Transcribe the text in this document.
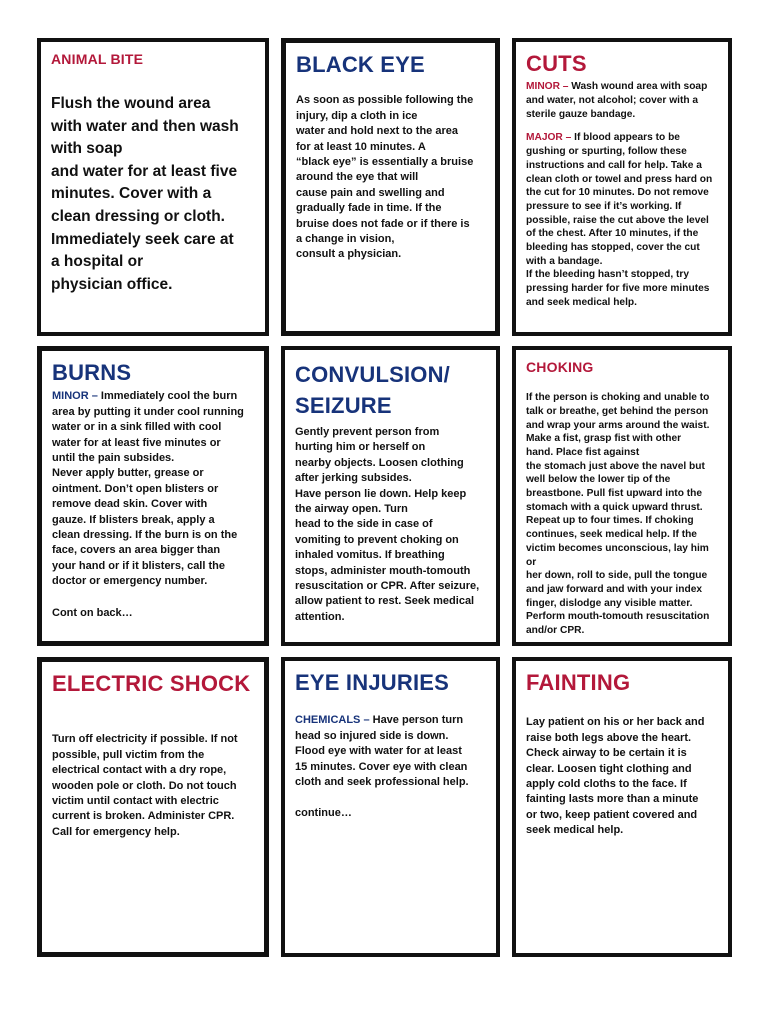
ANIMAL BITE

Flush the wound area
with water and then wash
with soap
and water for at least five
minutes. Cover with a
clean dressing or cloth.
Immediately seek care at
a hospital or
physician office.

BLACK EYE

As soon as possible following the
injury, dip a cloth in ice
water and hold next to the area
for at least 10 minutes. A
“black eye” is essentially a bruise
around the eye that will
cause pain and swelling and
gradually fade in time. If the
bruise does not fade or if there is
a change in vision,
consult a physician.

CUTS

MINOR – Wash wound area with soap
and water, not alcohol; cover with a
sterile gauze bandage.

MAJOR – If blood appears to be
gushing or spurting, follow these
instructions and call for help. Take a
clean cloth or towel and press hard on
the cut for 10 minutes. Do not remove
pressure to see if it’s working. If
possible, raise the cut above the level
of the chest. After 10 minutes, if the
bleeding has stopped, cover the cut
with a bandage.
If the bleeding hasn’t stopped, try
pressing harder for five more minutes
and seek medical help.

BURNS

MINOR – Immediately cool the burn
area by putting it under cool running
water or in a sink filled with cool
water for at least five minutes or
until the pain subsides.
Never apply butter, grease or
ointment. Don’t open blisters or
remove dead skin. Cover with
gauze. If blisters break, apply a
clean dressing. If the burn is on the
face, covers an area bigger than
your hand or if it blisters, call the
doctor or emergency number.

Cont on back…

CONVULSION/
SEIZURE

Gently prevent person from
hurting him or herself on
nearby objects. Loosen clothing
after jerking subsides.
Have person lie down. Help keep
the airway open. Turn
head to the side in case of
vomiting to prevent choking on
inhaled vomitus. If breathing
stops, administer mouth-tomouth
resuscitation or CPR. After seizure,
allow patient to rest. Seek medical
attention.

CHOKING

If the person is choking and unable to
talk or breathe, get behind the person
and wrap your arms around the waist.
Make a fist, grasp fist with other
hand. Place fist against
the stomach just above the navel but
well below the lower tip of the
breastbone. Pull fist upward into the
stomach with a quick upward thrust.
Repeat up to four times. If choking
continues, seek medical help. If the
victim becomes unconscious, lay him or
her down, roll to side, pull the tongue
and jaw forward and with your index
finger, dislodge any visible matter.
Perform mouth-tomouth resuscitation
and/or CPR.

ELECTRIC SHOCK

Turn off electricity if possible. If not
possible, pull victim from the
electrical contact with a dry rope,
wooden pole or cloth. Do not touch
victim until contact with electric
current is broken. Administer CPR.
Call for emergency help.

EYE INJURIES

CHEMICALS – Have person turn
head so injured side is down.
Flood eye with water for at least
15 minutes. Cover eye with clean
cloth and seek professional help.

continue…

FAINTING

Lay patient on his or her back and
raise both legs above the heart.
Check airway to be certain it is
clear. Loosen tight clothing and
apply cold cloths to the face. If
fainting lasts more than a minute
or two, keep patient covered and
seek medical help.
